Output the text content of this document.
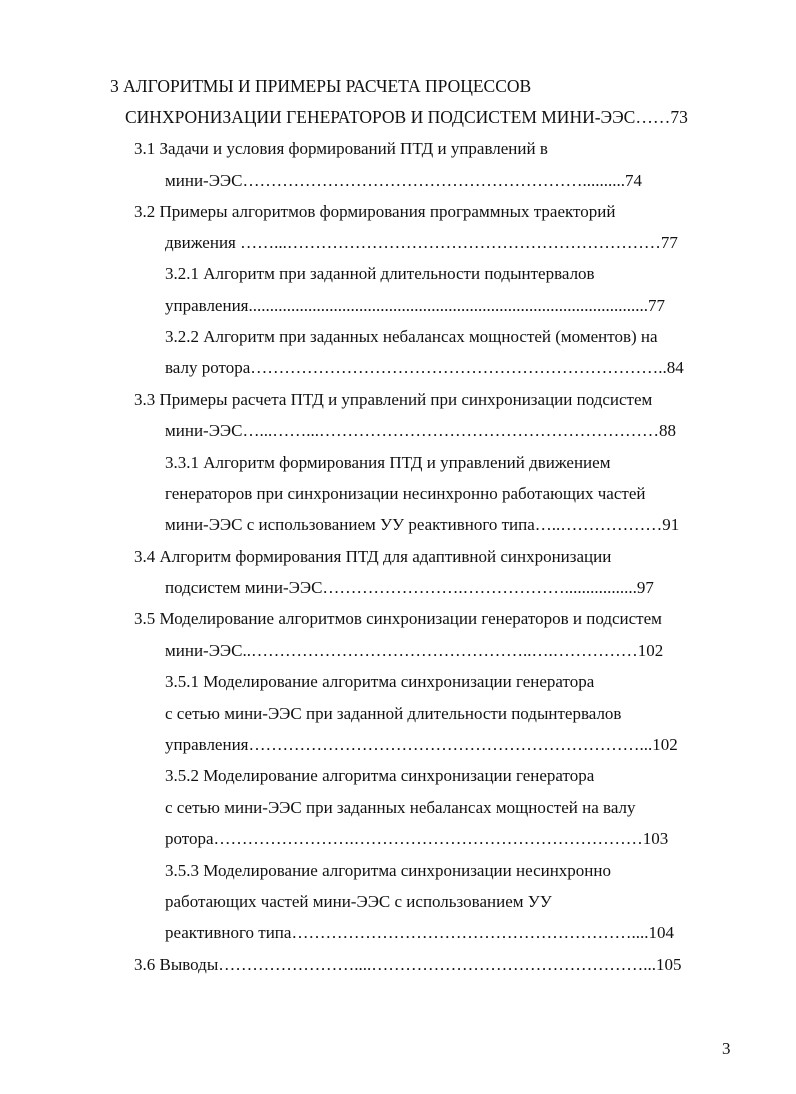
3 АЛГОРИТМЫ И ПРИМЕРЫ РАСЧЕТА ПРОЦЕССОВ
СИНХРОНИЗАЦИИ ГЕНЕРАТОРОВ И ПОДСИСТЕМ МИНИ-ЭЭС……73
3.1 Задачи и условия формирований ПТД и управлений в
мини-ЭЭС……………………………………………………..........74
3.2 Примеры алгоритмов формирования программных траекторий
движения ……...…………………………………………………………77
3.2.1 Алгоритм при заданной длительности подынтервалов
управления..............................................................................................77
3.2.2 Алгоритм при заданных небалансах мощностей (моментов) на
валу ротора………………………………………………………………..84
3.3 Примеры расчета ПТД и управлений при синхронизации подсистем
мини-ЭЭС…...……...……………………………………………………88
3.3.1 Алгоритм формирования ПТД и управлений движением
генераторов при синхронизации несинхронно работающих частей
мини-ЭЭС с использованием УУ реактивного типа…..………………91
3.4 Алгоритм формирования ПТД для адаптивной синхронизации
подсистем мини-ЭЭС…………………….……………….................97
3.5 Моделирование алгоритмов синхронизации генераторов и подсистем
мини-ЭЭС..…………………………………………..….……………102
3.5.1 Моделирование алгоритма синхронизации генератора
с сетью мини-ЭЭС при заданной длительности подынтервалов
управления……………………………………………………………...102
3.5.2 Моделирование алгоритма синхронизации генератора
с сетью мини-ЭЭС при заданных небалансах мощностей на валу
ротора…………………….……………………………………………103
3.5.3 Моделирование алгоритма синхронизации несинхронно
работающих частей мини-ЭЭС с использованием УУ
реактивного типа……………………………………………………....104
3.6 Выводы……………………....…………………………………………...105
3
